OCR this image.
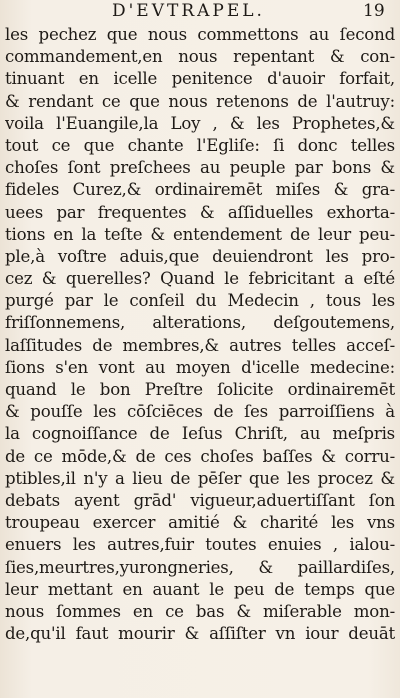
D'EVTRAPEL.	19
les pechez que nous commettons au ſecond
commandement,en nous repentant & con-
tinuant en icelle penitence d'auoir forfait,
& rendant ce que nous retenons de l'autruy:
voila l'Euangile,la Loy , & les Prophetes,&
tout ce que chante l'Egliſe: ſi donc telles
choſes ſont preſchees au peuple par bons &
fideles Curez,& ordinairemēt miſes & gra-
uees par frequentes & aſſiduelles exhorta-
tions en la teſte & entendement de leur peu-
ple,à voſtre aduis,que deuiendront les pro-
cez & querelles? Quand le febricitant a eſté
purgé par le conſeil du Medecin , tous les
friſſonnemens, alterations, deſgoutemens,
laſſitudes de membres,& autres telles acceſ-
ſions s'en vont au moyen d'icelle medecine:
quand le bon Preſtre ſolicite ordinairemēt
& pouſſe les cōſciēces de ſes parroiſſiens à
la cognoiſſance de Ieſus Chriſt, au meſpris
de ce mōde,& de ces choſes baſſes & corru-
ptibles,il n'y a lieu de pēſer que les procez &
debats ayent grād' vigueur,aduertiſſant ſon
troupeau exercer amitié & charité les vns
enuers les autres,fuir toutes enuies , ialou-
ſies,meurtres,yurongneries, & paillardiſes,
leur mettant en auant le peu de temps que
nous ſommes en ce bas & miſerable mon-
de,qu'il faut mourir & aſſiſter vn iour deuāt
